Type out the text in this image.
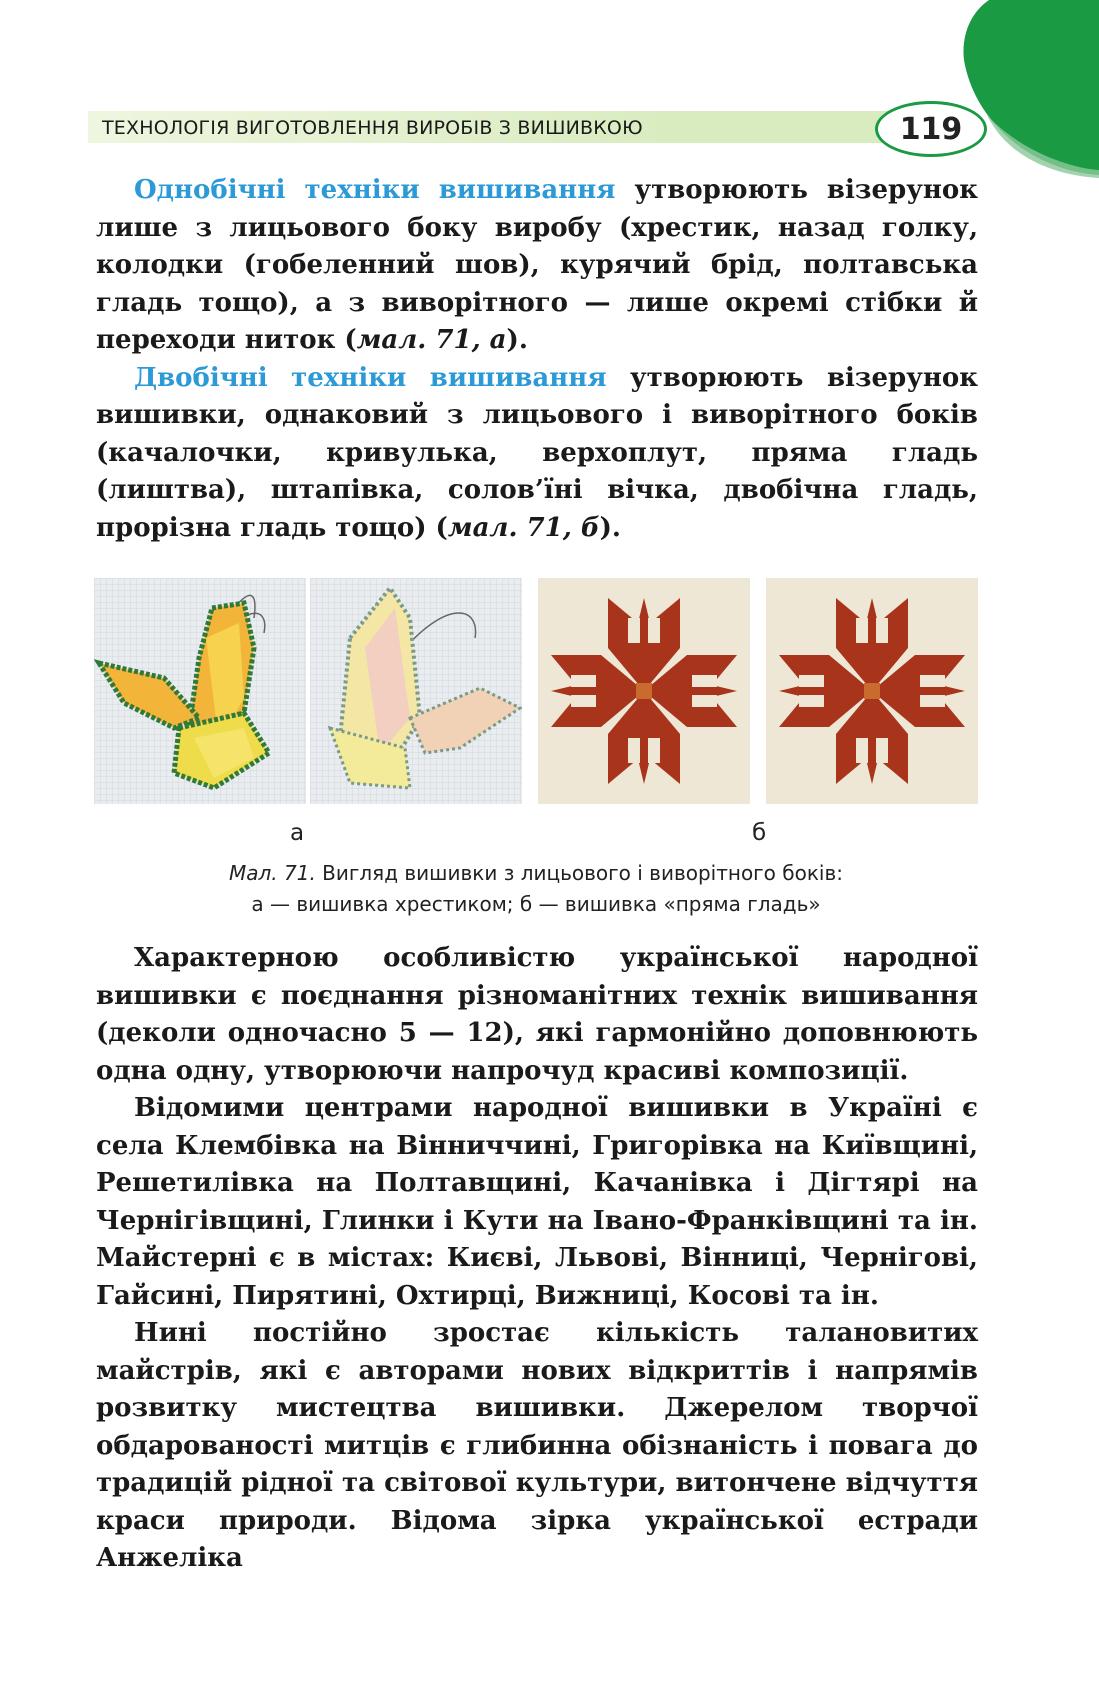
ТЕХНОЛОГІЯ ВИГОТОВЛЕННЯ ВИРОБІВ З ВИШИВКОЮ	119

Однобічні техніки вишивання утворюють візерунок лише з лицьового боку виробу (хрестик, назад голку, колодки (гобеленний шов), курячий брід, полтавська гладь тощо), а з виворітного — лише окремі стібки й переходи ниток (мал. 71, а).

Двобічні техніки вишивання утворюють візерунок вишивки, однаковий з лицьового і виворітного боків (качалочки, кривулька, верхоплут, пряма гладь (лиштва), штапівка, солов’їні вічка, двобічна гладь, прорізна гладь тощо) (мал. 71, б).

а	б
Мал. 71. Вигляд вишивки з лицьового і виворітного боків:
а — вишивка хрестиком; б — вишивка «пряма гладь»

Характерною особливістю української народної вишивки є поєднання різноманітних технік вишивання (деколи одночасно 5 — 12), які гармонійно доповнюють одна одну, утворюючи напрочуд красиві композиції.

Відомими центрами народної вишивки в Україні є села Клембівка на Вінниччині, Григорівка на Київщині, Решетилівка на Полтавщині, Качанівка і Дігтярі на Чернігівщині, Глинки і Кути на Івано-Франківщині та ін. Майстерні є в містах: Києві, Львові, Вінниці, Чернігові, Гайсині, Пирятині, Охтирці, Вижниці, Косові та ін.

Нині постійно зростає кількість талановитих майстрів, які є авторами нових відкриттів і напрямів розвитку мистецтва вишивки. Джерелом творчої обдарованості митців є глибинна обізнаність і повага до традицій рідної та світової культури, витончене відчуття краси природи. Відома зірка української естради Анжеліка
